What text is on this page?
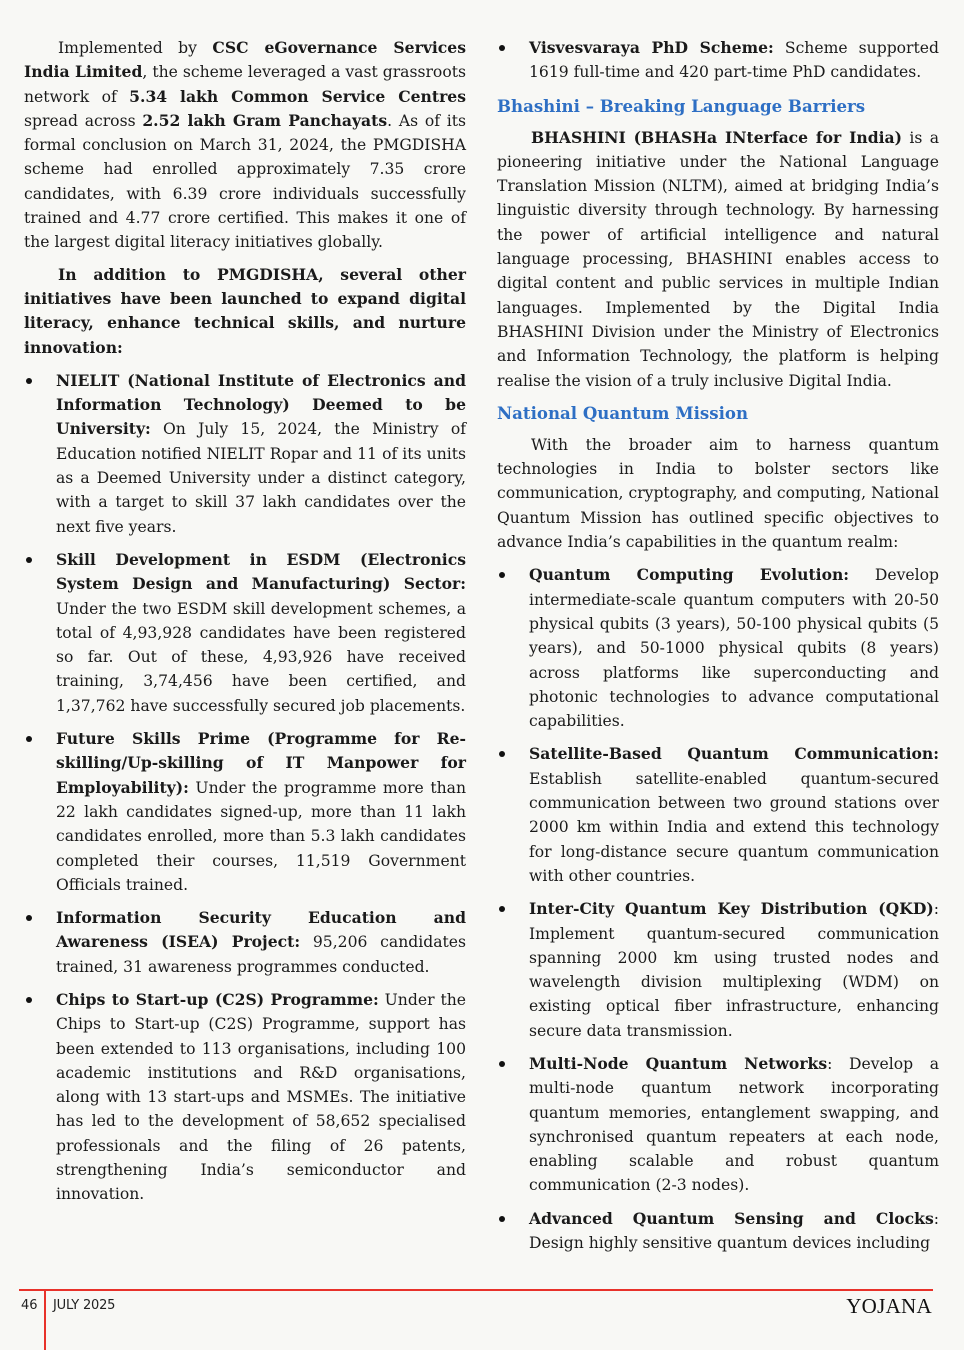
Implemented by CSC eGovernance Services India Limited, the scheme leveraged a vast grassroots network of 5.34 lakh Common Service Centres spread across 2.52 lakh Gram Panchayats. As of its formal conclusion on March 31, 2024, the PMGDISHA scheme had enrolled approximately 7.35 crore candidates, with 6.39 crore individuals successfully trained and 4.77 crore certified. This makes it one of the largest digital literacy initiatives globally.

In addition to PMGDISHA, several other initiatives have been launched to expand digital literacy, enhance technical skills, and nurture innovation:

NIELIT (National Institute of Electronics and Information Technology) Deemed to be University: On July 15, 2024, the Ministry of Education notified NIELIT Ropar and 11 of its units as a Deemed University under a distinct category, with a target to skill 37 lakh candidates over the next five years.
Skill Development in ESDM (Electronics System Design and Manufacturing) Sector: Under the two ESDM skill development schemes, a total of 4,93,928 candidates have been registered so far. Out of these, 4,93,926 have received training, 3,74,456 have been certified, and 1,37,762 have successfully secured job placements.
Future Skills Prime (Programme for Re-skilling/Up-skilling of IT Manpower for Employability): Under the programme more than 22 lakh candidates signed-up, more than 11 lakh candidates enrolled, more than 5.3 lakh candidates completed their courses, 11,519 Government Officials trained.
Information Security Education and Awareness (ISEA) Project: 95,206 candidates trained, 31 awareness programmes conducted.
Chips to Start-up (C2S) Programme: Under the Chips to Start-up (C2S) Programme, support has been extended to 113 organisations, including 100 academic institutions and R&D organisations, along with 13 start-ups and MSMEs. The initiative has led to the development of 58,652 specialised professionals and the filing of 26 patents, strengthening India’s semiconductor and innovation.
Visvesvaraya PhD Scheme: Scheme supported 1619 full-time and 420 part-time PhD candidates.
Bhashini – Breaking Language Barriers

BHASHINI (BHASHa INterface for India) is a pioneering initiative under the National Language Translation Mission (NLTM), aimed at bridging India’s linguistic diversity through technology. By harnessing the power of artificial intelligence and natural language processing, BHASHINI enables access to digital content and public services in multiple Indian languages. Implemented by the Digital India BHASHINI Division under the Ministry of Electronics and Information Technology, the platform is helping realise the vision of a truly inclusive Digital India.

National Quantum Mission

With the broader aim to harness quantum technologies in India to bolster sectors like communication, cryptography, and computing, National Quantum Mission has outlined specific objectives to advance India’s capabilities in the quantum realm:

Quantum Computing Evolution: Develop intermediate-scale quantum computers with 20-50 physical qubits (3 years), 50-100 physical qubits (5 years), and 50-1000 physical qubits (8 years) across platforms like superconducting and photonic technologies to advance computational capabilities.
Satellite-Based Quantum Communication: Establish satellite-enabled quantum-secured communication between two ground stations over 2000 km within India and extend this technology for long-distance secure quantum communication with other countries.
Inter-City Quantum Key Distribution (QKD): Implement quantum-secured communication spanning 2000 km using trusted nodes and wavelength division multiplexing (WDM) on existing optical fiber infrastructure, enhancing secure data transmission.
Multi-Node Quantum Networks: Develop a multi-node quantum network incorporating quantum memories, entanglement swapping, and synchronised quantum repeaters at each node, enabling scalable and robust quantum communication (2-3 nodes).
Advanced Quantum Sensing and Clocks: Design highly sensitive quantum devices including
46 JULY 2025	YOJANA
